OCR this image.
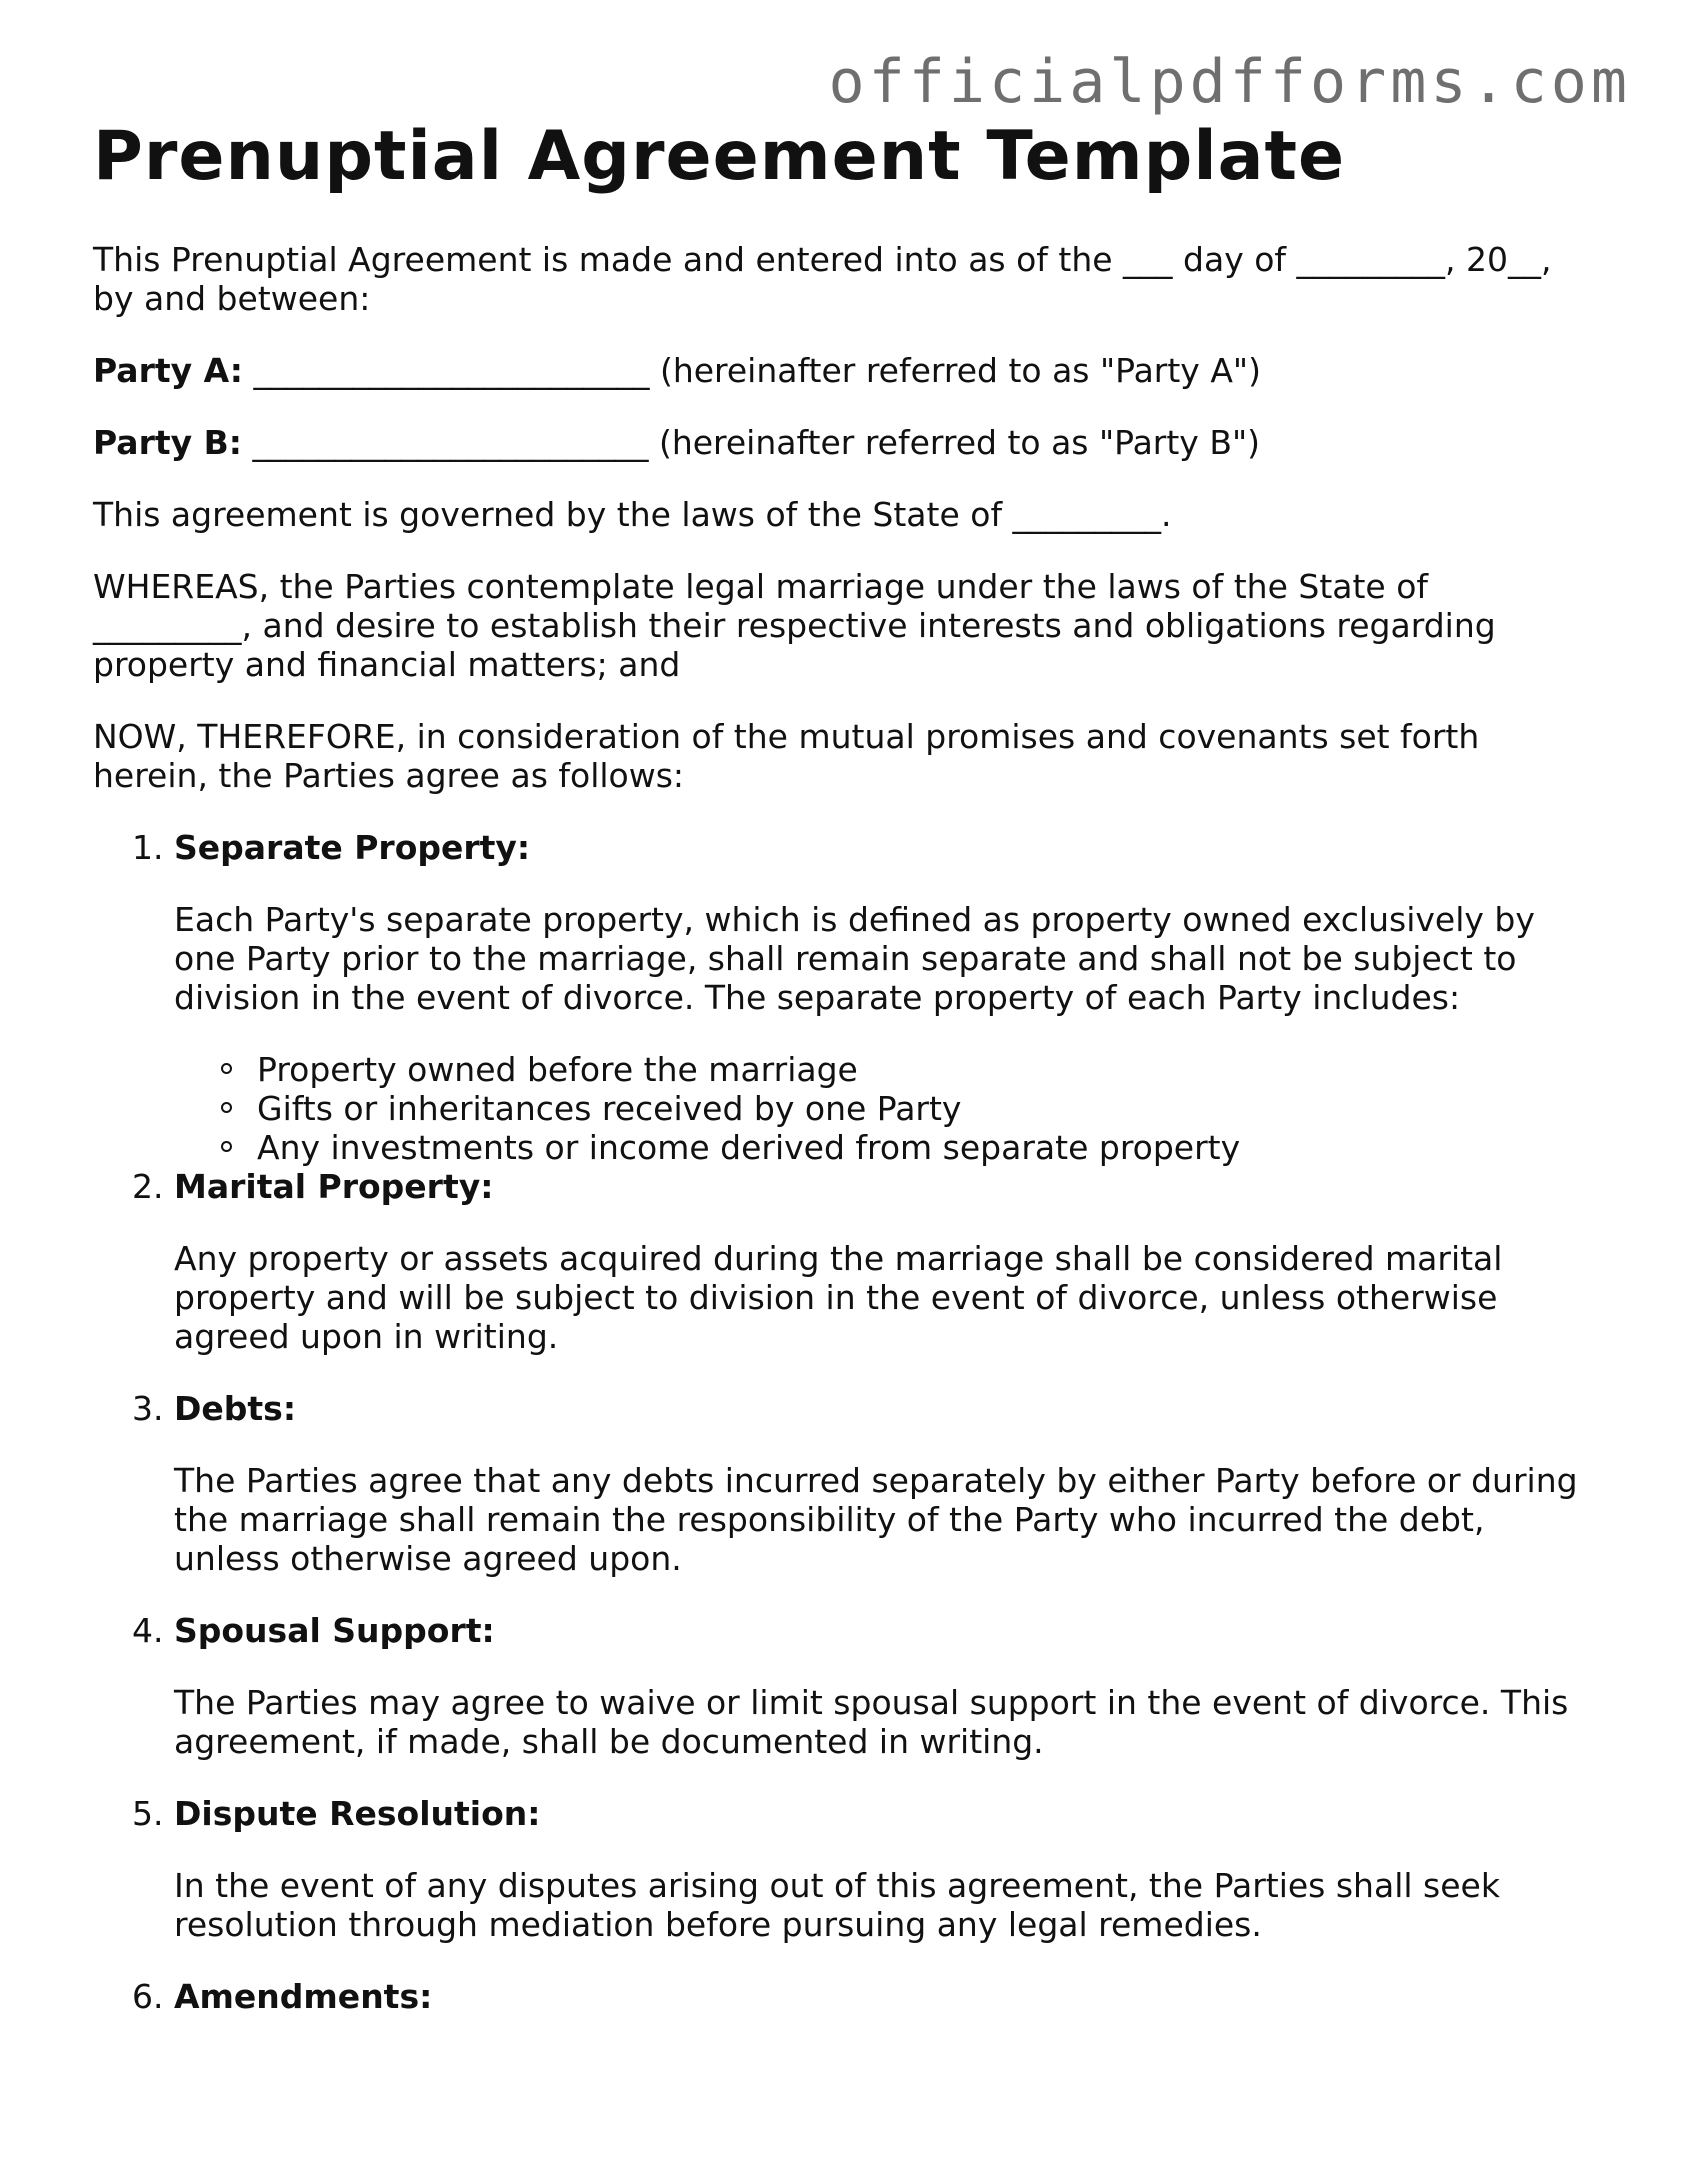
officialpdfforms.com
Prenuptial Agreement Template

This Prenuptial Agreement is made and entered into as of the ___ day of _________, 20__, by and between:

Party A: ________________________ (hereinafter referred to as "Party A")

Party B: ________________________ (hereinafter referred to as "Party B")

This agreement is governed by the laws of the State of _________.

WHEREAS, the Parties contemplate legal marriage under the laws of the State of _________, and desire to establish their respective interests and obligations regarding property and financial matters; and

NOW, THEREFORE, in consideration of the mutual promises and covenants set forth herein, the Parties agree as follows:

1. Separate Property:
Each Party's separate property, which is defined as property owned exclusively by one Party prior to the marriage, shall remain separate and shall not be subject to division in the event of divorce. The separate property of each Party includes:
Property owned before the marriage
Gifts or inheritances received by one Party
Any investments or income derived from separate property
2. Marital Property:
Any property or assets acquired during the marriage shall be considered marital property and will be subject to division in the event of divorce, unless otherwise agreed upon in writing.
3. Debts:
The Parties agree that any debts incurred separately by either Party before or during the marriage shall remain the responsibility of the Party who incurred the debt, unless otherwise agreed upon.
4. Spousal Support:
The Parties may agree to waive or limit spousal support in the event of divorce. This agreement, if made, shall be documented in writing.
5. Dispute Resolution:
In the event of any disputes arising out of this agreement, the Parties shall seek resolution through mediation before pursuing any legal remedies.
6. Amendments:
